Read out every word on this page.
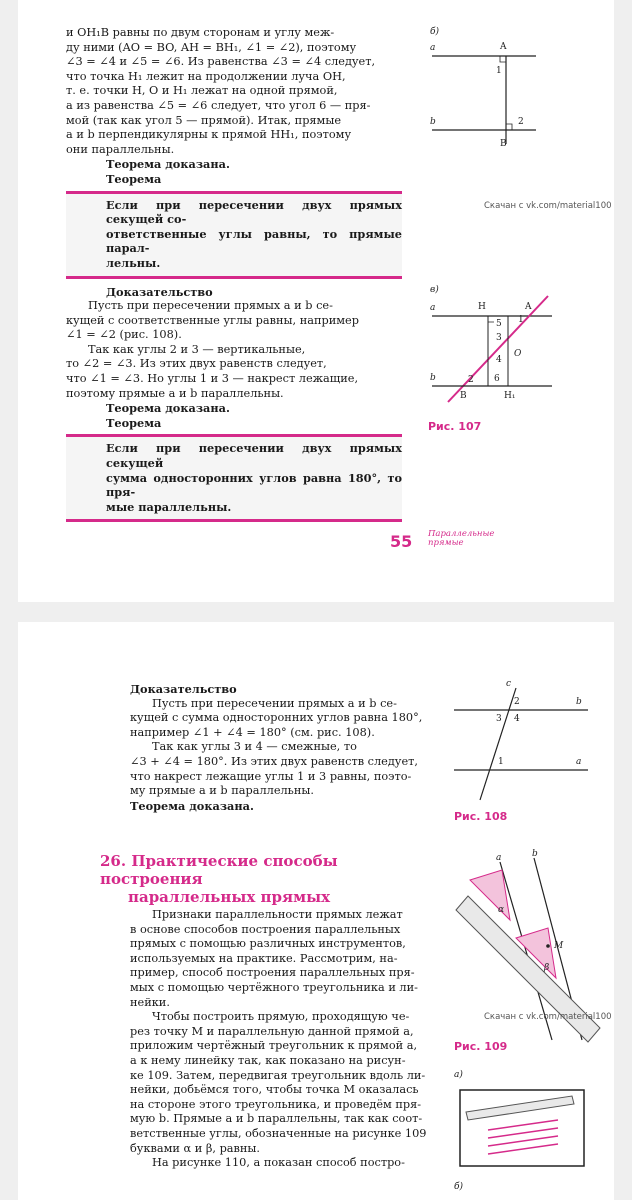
и OH₁B равны по двум сторонам и углу меж-

ду ними (AO = BO, AH = BH₁, ∠1 = ∠2), поэтому

∠3 = ∠4 и ∠5 = ∠6. Из равенства ∠3 = ∠4 следует,

что точка H₁ лежит на продолжении луча OH,

т. е. точки H, O и H₁ лежат на одной прямой,

а из равенства ∠5 = ∠6 следует, что угол 6 — пря-

мой (так как угол 5 — прямой). Итак, прямые

a и b перпендикулярны к прямой HH₁, поэтому

они параллельны.

Теорема доказана.

Теорема

Если при пересечении двух прямых секущей со-

ответственные углы равны, то прямые парал-

лельны.

Доказательство

Пусть при пересечении прямых a и b се-

кущей с соответственные углы равны, например

∠1 = ∠2 (рис. 108).

Так как углы 2 и 3 — вертикальные,

то ∠2 = ∠3. Из этих двух равенств следует,

что ∠1 = ∠3. Но углы 1 и 3 — накрест лежащие,

поэтому прямые a и b параллельны.

Теорема доказана.

Теорема

Если при пересечении двух прямых секущей

сумма односторонних углов равна 180°, то пря-

мые параллельны.

б)
a	A
1
b	2
B
Скачан с vk.com/material100
в)
a	H	A
5 1
3
O
4
b	2 6
B	H₁
Рис. 107
55 Параллельные
прямые

Доказательство

Пусть при пересечении прямых a и b се-

кущей c сумма односторонних углов равна 180°,

например ∠1 + ∠4 = 180° (см. рис. 108).

Так как углы 3 и 4 — смежные, то

∠3 + ∠4 = 180°. Из этих двух равенств следует,

что накрест лежащие углы 1 и 3 равны, поэто-

му прямые a и b параллельны.

Теорема доказана.

c
2	b
3 4
1	a
Рис. 108
26. Практические способы построения
параллельных прямых

Признаки параллельности прямых лежат

в основе способов построения параллельных

прямых с помощью различных инструментов,

используемых на практике. Рассмотрим, на-

пример, способ построения параллельных пря-

мых с помощью чертёжного треугольника и ли-

нейки.

Чтобы построить прямую, проходящую че-

рез точку M и параллельную данной прямой a,

приложим чертёжный треугольник к прямой a,

а к нему линейку так, как показано на рисун-

ке 109. Затем, передвигая треугольник вдоль ли-

нейки, добьёмся того, чтобы точка M оказалась

на стороне этого треугольника, и проведём пря-

мую b. Прямые a и b параллельны, так как соот-

ветственные углы, обозначенные на рисунке 109

буквами α и β, равны.

На рисунке 110, a показан способ постро-

a	b
α
β
M
Скачан с vk.com/material100
Рис. 109
а)
б)
